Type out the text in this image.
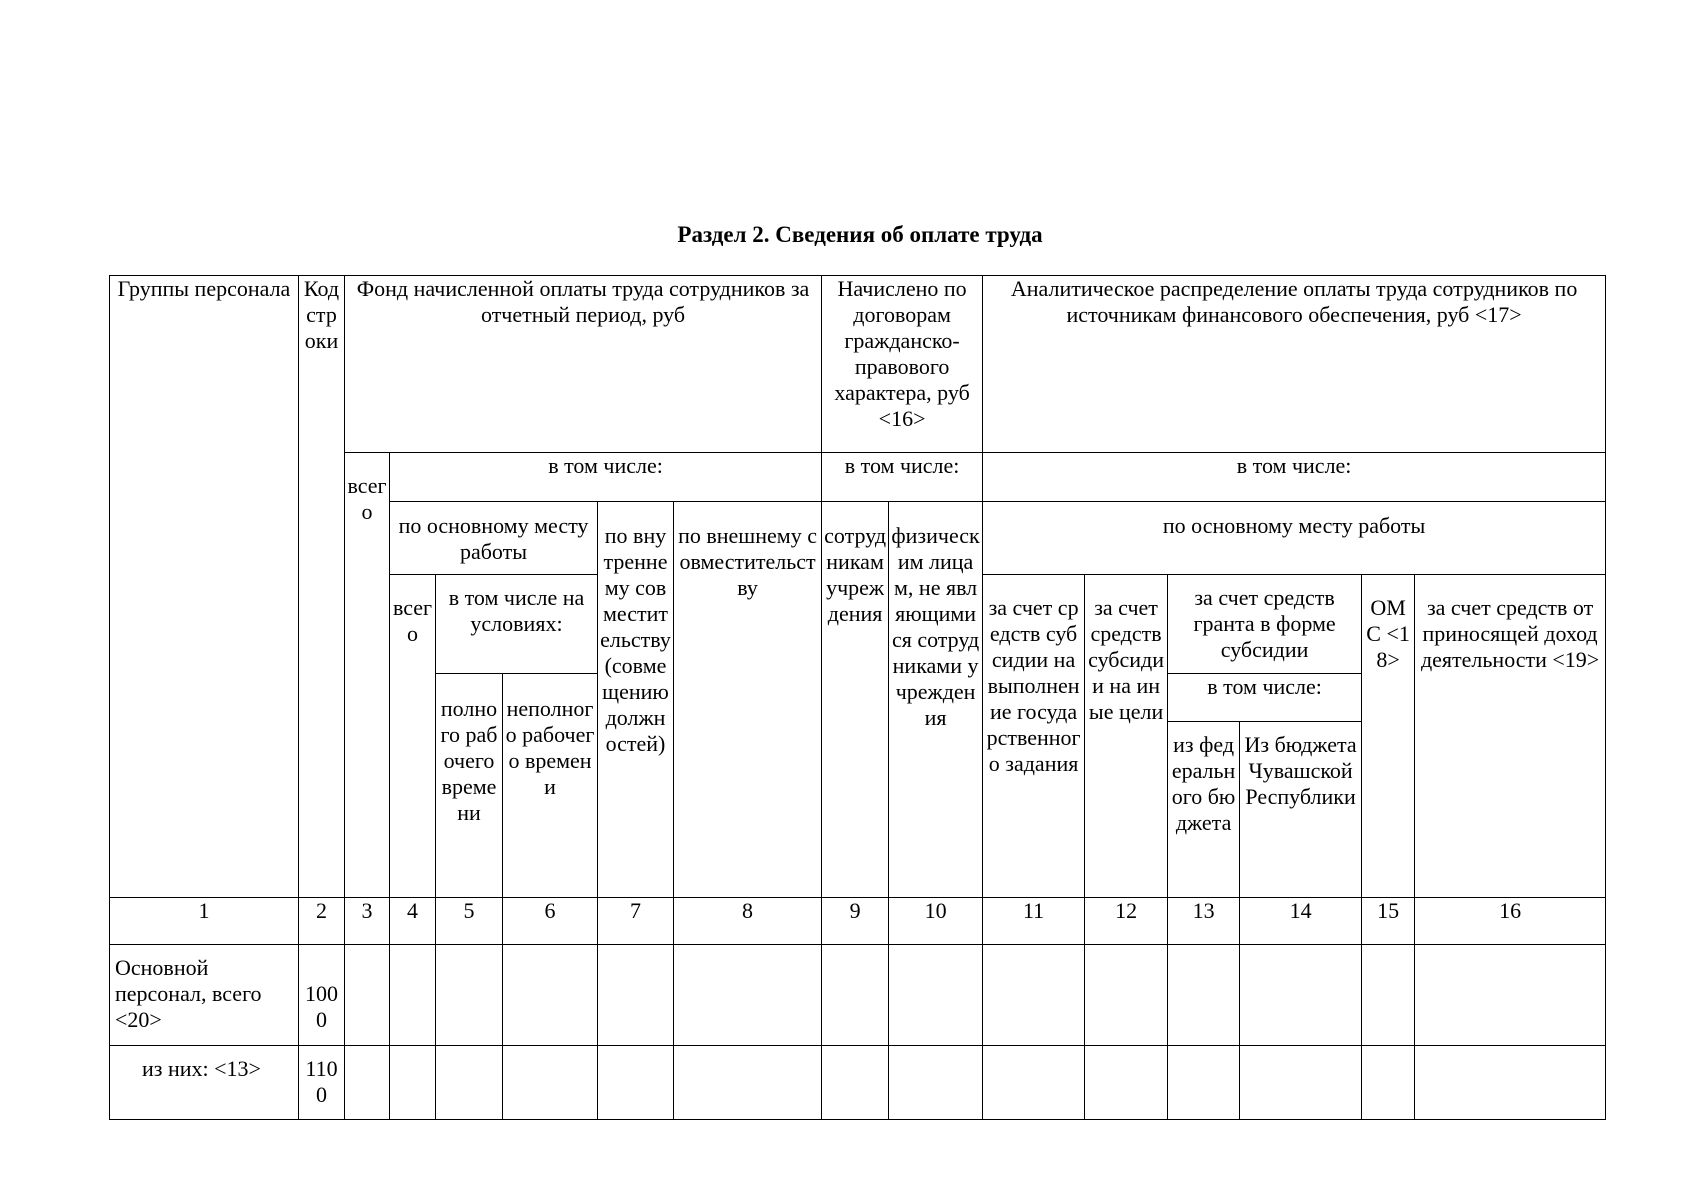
Раздел 2. Сведения об оплате труда
Группы персонала	Код строки	Фонд начисленной оплаты труда сотрудников за отчетный период, руб						Начислено по договорам гражданско-правового характера, руб <16>		Аналитическое распределение оплаты труда сотрудников по источникам финансового обеспечения, руб <17>					
		всего	в том числе:					в том числе:		в том числе:					
			по основному месту работы			по внутреннему совместительству (совмещению должностей)	по внешнему совместительству	сотрудникам учреждения	физическим лицам, не являющимися сотрудниками учреждения	по основному месту работы					
			всего	в том числе на условиях:						за счет средств субсидии на выполнение государственного задания	за счет средств субсидии на иные цели	за счет средств гранта в форме субсидии		ОМС <18>	за счет средств от приносящей доход деятельности <19>
				полного рабочего времени	неполного рабочего времени							в том числе:			
												из федерального бюджета	Из бюджета Чувашской Республики		
1	2	3	4	5	6	7	8	9	10	11	12	13	14	15	16
Основной персонал, всего <20>	1000														
из них: <13>	1100														
